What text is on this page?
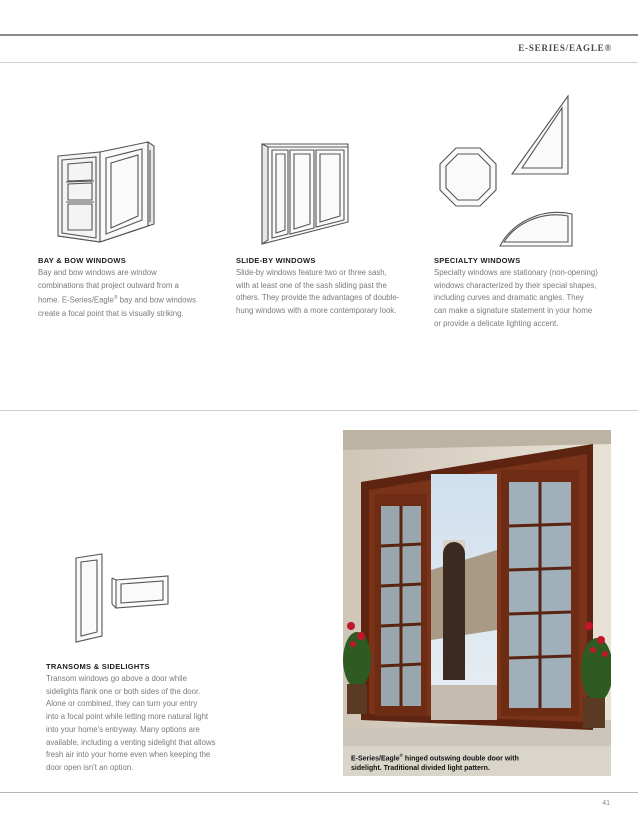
E-SERIES/EAGLE®
BAY & BOW WINDOWS

Bay and bow windows are window
combinations that project outward from a
home. E-Series/Eagle® bay and bow windows
create a focal point that is visually striking.

SLIDE-BY WINDOWS

Slide-by windows feature two or three sash,
with at least one of the sash sliding past the
others. They provide the advantages of double-
hung windows with a more contemporary look.

SPECIALTY WINDOWS

Specialty windows are stationary (non-opening)
windows characterized by their special shapes,
including curves and dramatic angles. They
can make a signature statement in your home
or provide a delicate lighting accent.

TRANSOMS & SIDELIGHTS

Transom windows go above a door while
sidelights flank one or both sides of the door.
Alone or combined, they can turn your entry
into a focal point while letting more natural light
into your home's entryway. Many options are
available, including a venting sidelight that allows
fresh air into your home even when keeping the
door open isn't an option.

E-Series/Eagle® hinged outswing double door with
sidelight. Traditional divided light pattern.
41
